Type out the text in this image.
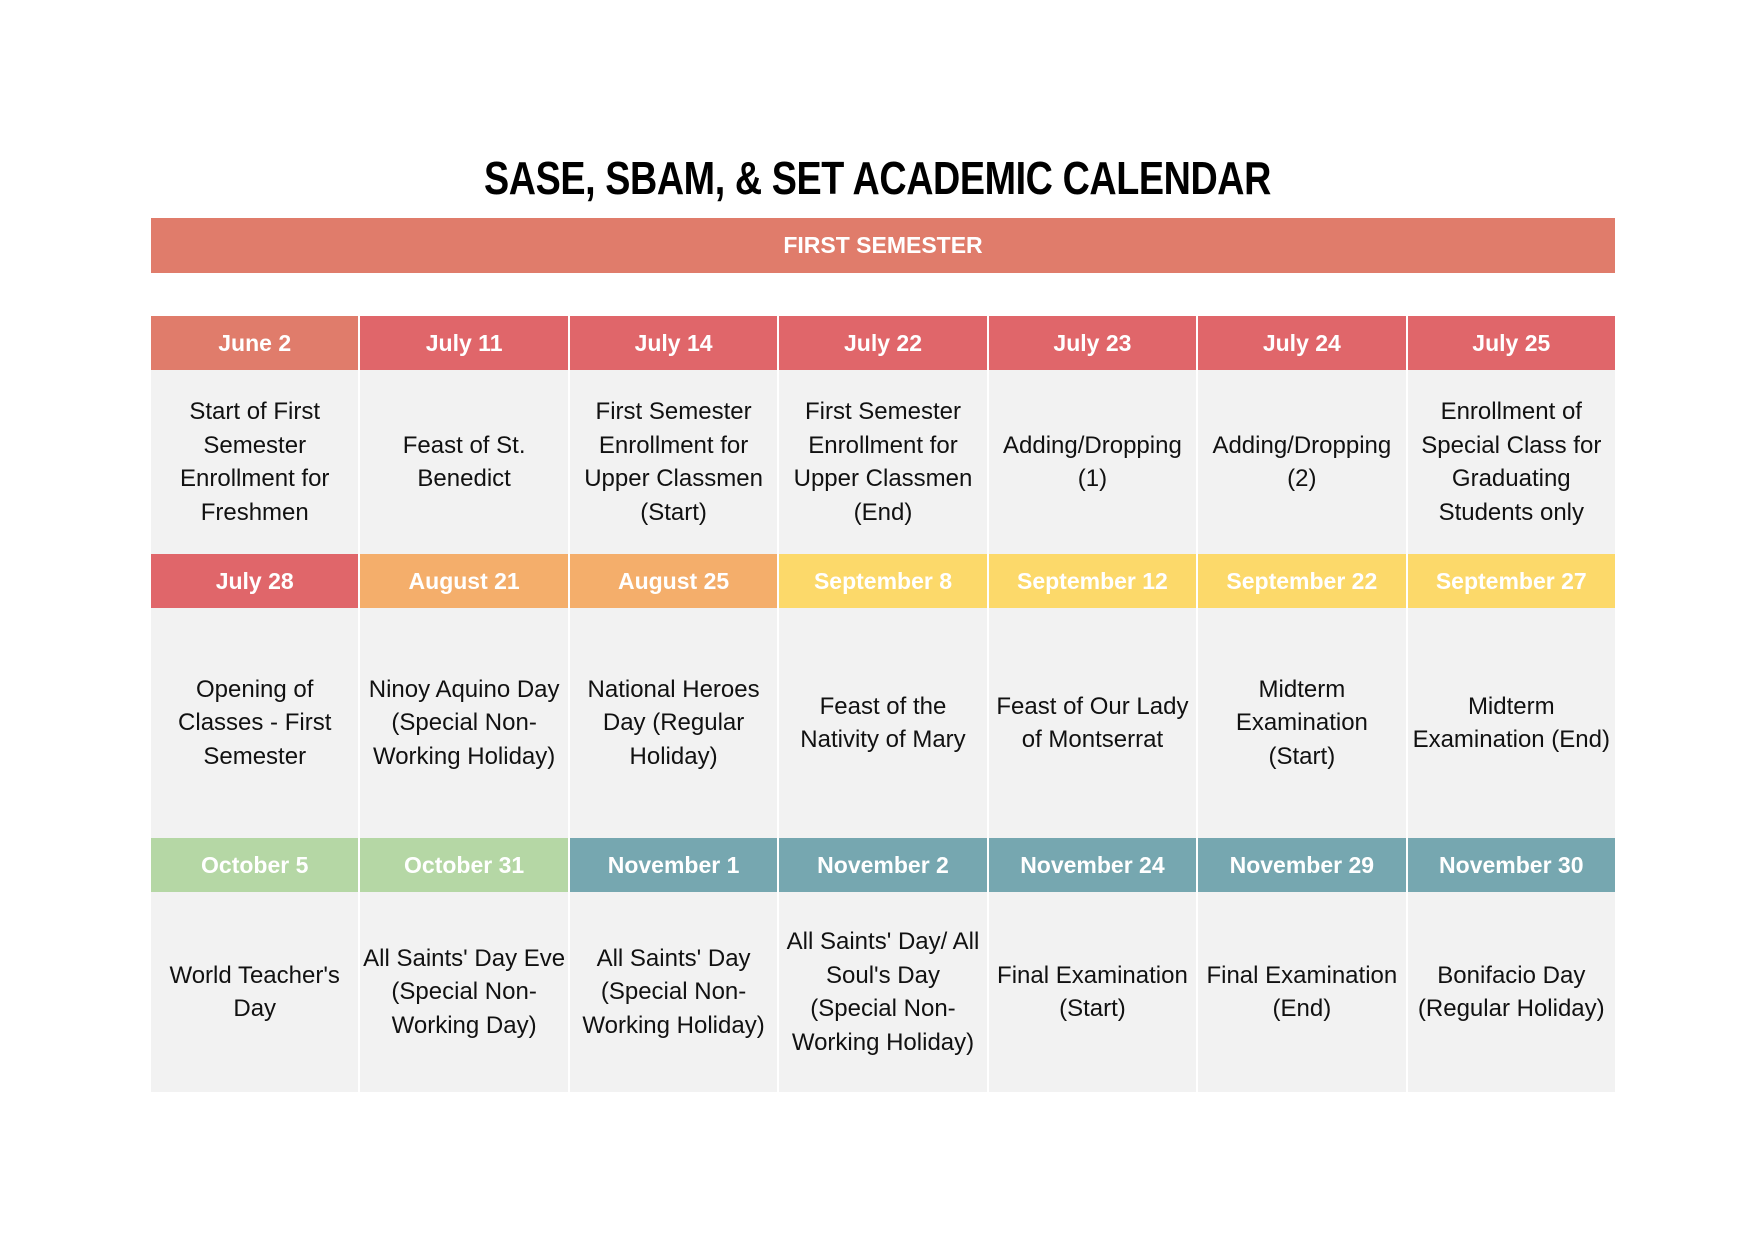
SASE, SBAM, & SET ACADEMIC CALENDAR
FIRST SEMESTER
June 2	July 11	July 14	July 22	July 23	July 24	July 25
Start of First Semester Enrollment for Freshmen
Feast of St. Benedict
First Semester Enrollment for Upper Classmen (Start)
First Semester Enrollment for Upper Classmen (End)
Adding/Dropping (1)
Adding/Dropping (2)
Enrollment of Special Class for Graduating Students only
July 28	August 21	August 25	September 8	September 12	September 22	September 27
Opening of Classes - First Semester
Ninoy Aquino Day (Special Non-Working Holiday)
National Heroes Day (Regular Holiday)
Feast of the Nativity of Mary
Feast of Our Lady of Montserrat
Midterm Examination (Start)
Midterm Examination (End)
October 5	October 31	November 1	November 2	November 24	November 29	November 30
World Teacher's Day
All Saints' Day Eve (Special Non-Working Day)
All Saints' Day (Special Non-Working Holiday)
All Saints' Day/ All Soul's Day (Special Non-Working Holiday)
Final Examination (Start)
Final Examination (End)
Bonifacio Day (Regular Holiday)
